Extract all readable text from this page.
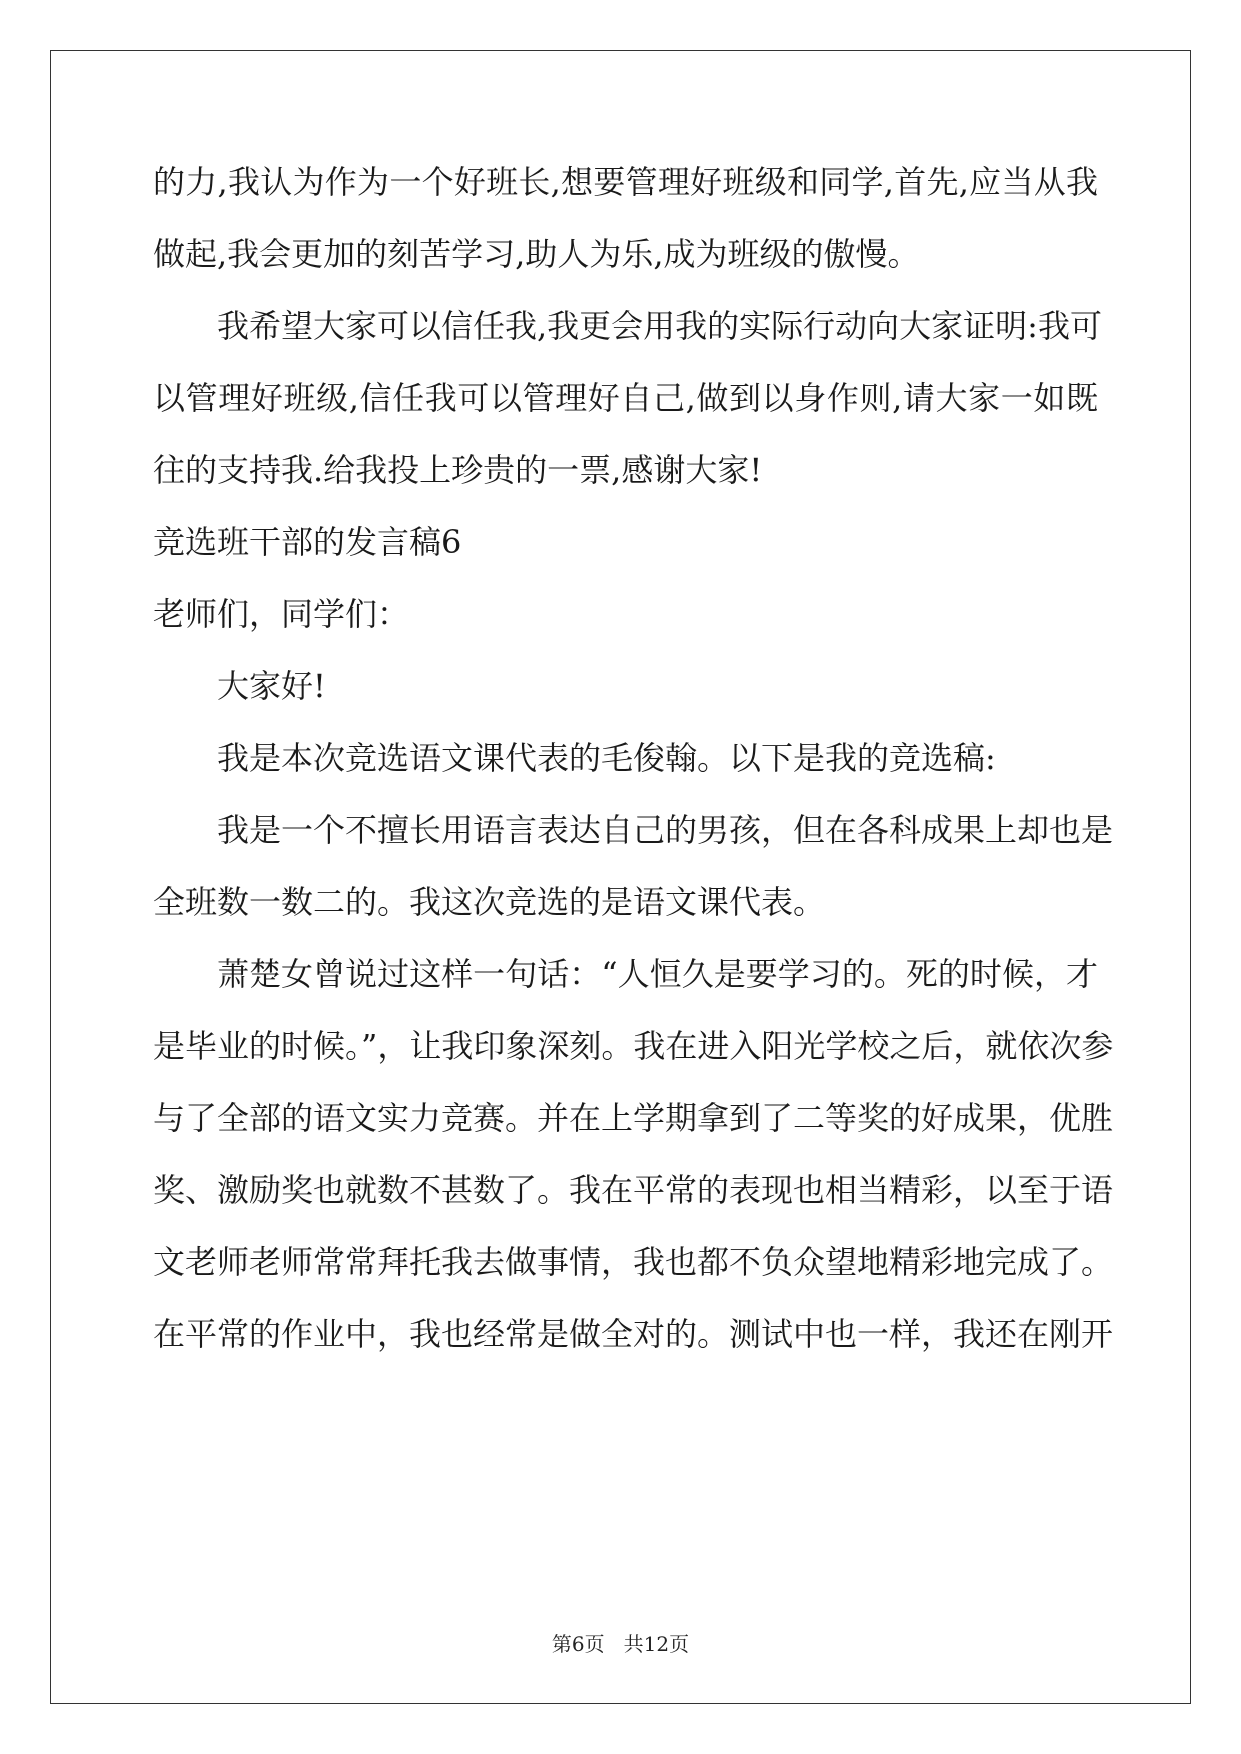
的力,我认为作为一个好班长,想要管理好班级和同学,首先,应当从我
做起,我会更加的刻苦学习,助人为乐,成为班级的傲慢。
我希望大家可以信任我,我更会用我的实际行动向大家证明:我可
以管理好班级,信任我可以管理好自己,做到以身作则,请大家一如既
往的支持我.给我投上珍贵的一票,感谢大家!
竞选班干部的发言稿6
老师们，同学们：
大家好!
我是本次竞选语文课代表的毛俊翰。以下是我的竞选稿:
我是一个不擅长用语言表达自己的男孩，但在各科成果上却也是
全班数一数二的。我这次竞选的是语文课代表。
萧楚女曾说过这样一句话：“人恒久是要学习的。死的时候，才
是毕业的时候。”，让我印象深刻。我在进入阳光学校之后，就依次参
与了全部的语文实力竞赛。并在上学期拿到了二等奖的好成果，优胜
奖、激励奖也就数不甚数了。我在平常的表现也相当精彩，以至于语
文老师老师常常拜托我去做事情，我也都不负众望地精彩地完成了。
在平常的作业中，我也经常是做全对的。测试中也一样，我还在刚开
第6页   共12页
